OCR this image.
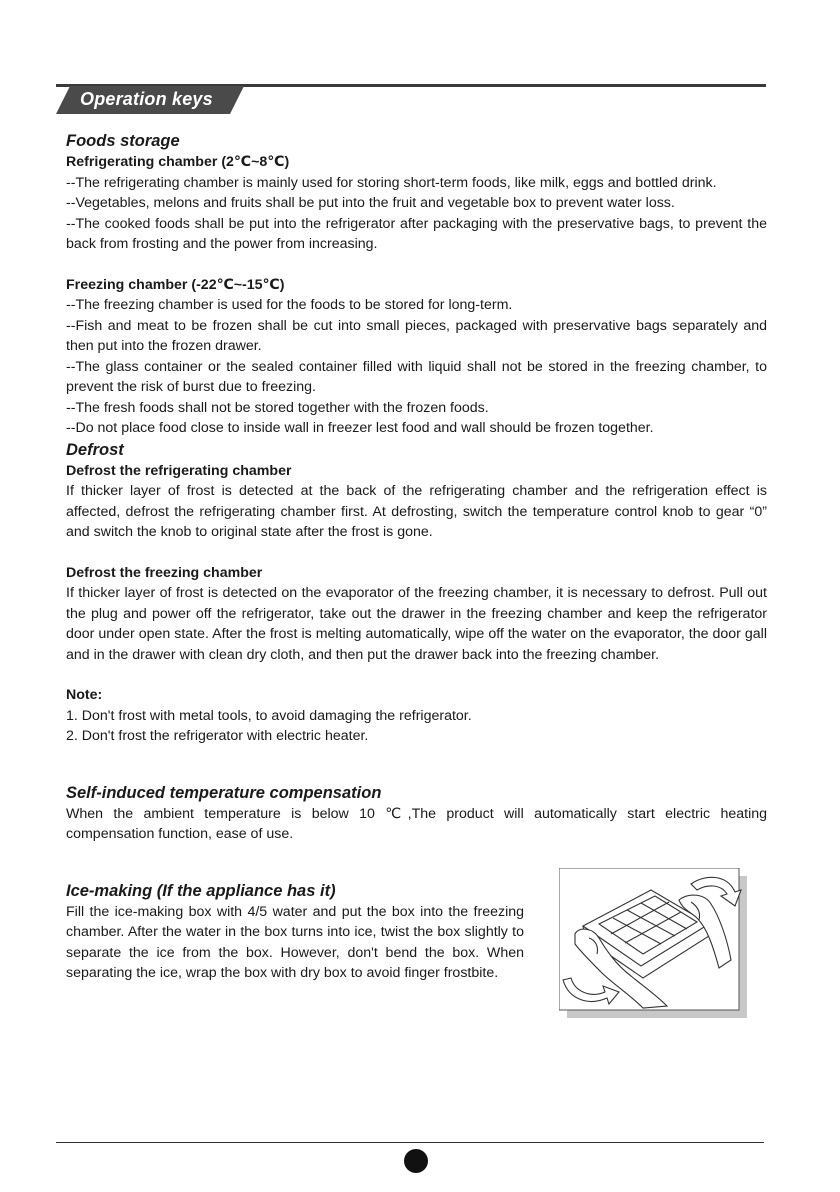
Operation keys

Foods storage

Refrigerating chamber (2℃~8℃)

--The refrigerating chamber is mainly used for storing short-term foods, like milk, eggs and bottled drink.

--Vegetables, melons and fruits shall be put into the fruit and vegetable box to prevent water loss.

--The cooked foods shall be put into the refrigerator after packaging with the preservative bags, to prevent the back from frosting and the power from increasing.

Freezing chamber (-22℃~-15℃)

--The freezing chamber is used for the foods to be stored for long-term.

--Fish and meat to be frozen shall be cut into small pieces, packaged with preservative bags separately and then put into the frozen drawer.

--The glass container or the sealed container filled with liquid shall not be stored in the freezing chamber, to prevent the risk of burst due to freezing.

--The fresh foods shall not be stored together with the frozen foods.

--Do not place food close to inside wall in freezer lest food and wall should be frozen together.

Defrost

Defrost the refrigerating chamber

If thicker layer of frost is detected at the back of the refrigerating chamber and the refrigeration effect is affected, defrost the refrigerating chamber first. At defrosting, switch the temperature control knob to gear “0” and switch the knob to original state after the frost is gone.

Defrost the freezing chamber

If thicker layer of frost is detected on the evaporator of the freezing chamber, it is necessary to defrost. Pull out the plug and power off the refrigerator, take out the drawer in the freezing chamber and keep the refrigerator door under open state. After the frost is melting automatically, wipe off the water on the evaporator, the door gall and in the drawer with clean dry cloth, and then put the drawer back into the freezing chamber.

Note:

1. Don't frost with metal tools, to avoid damaging the refrigerator.

2. Don't frost the refrigerator with electric heater.

Self-induced temperature compensation

When the ambient temperature is below 10 ℃,The product will automatically start electric heating compensation function, ease of use.

Ice-making (If the appliance has it)

Fill the ice-making box with 4/5 water and put the box into the freezing chamber. After the water in the box turns into ice, twist the box slightly to separate the ice from the box. However, don't bend the box. When separating the ice, wrap the box with dry box to avoid finger frostbite.
